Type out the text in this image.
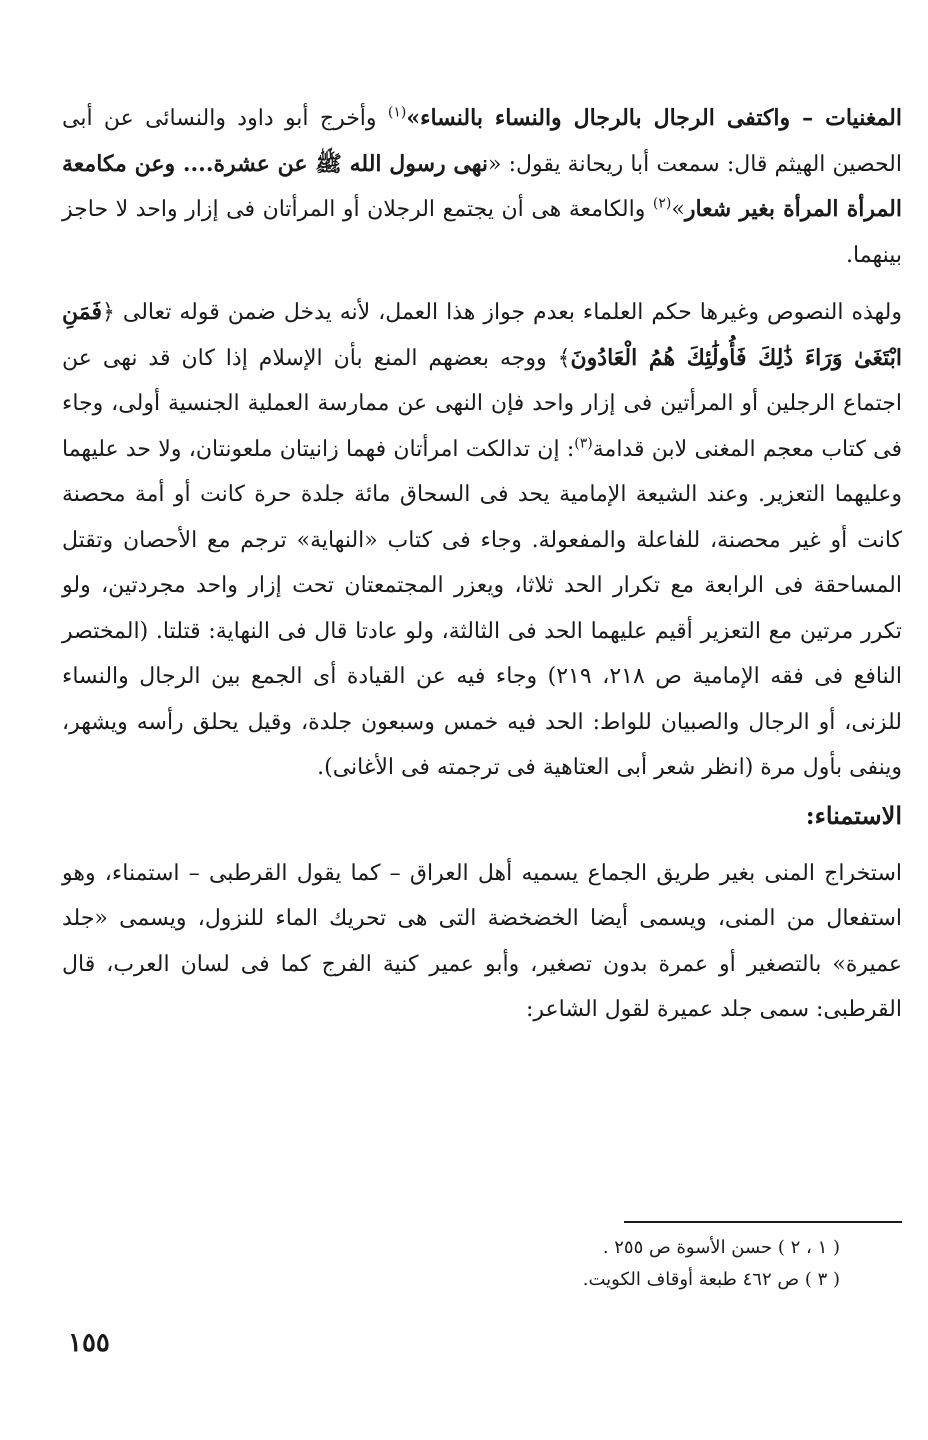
المغنيات – واكتفى الرجال بالرجال والنساء بالنساء»$^{(١)}$ وأخرج أبو داود والنسائى عن أبى الحصين الهيثم قال: سمعت أبا ريحانة يقول: «نهى رسول الله ﷺ عن عشرة.... وعن مكامعة المرأة المرأة بغير شعار»$^{(٢)}$ والكامعة هى أن يجتمع الرجلان أو المرأتان فى إزار واحد لا حاجز بينهما.

ولهذه النصوص وغيرها حكم العلماء بعدم جواز هذا العمل، لأنه يدخل ضمن قوله تعالى ﴿فَمَنِ ابْتَغَىٰ وَرَاءَ ذَٰلِكَ فَأُولَٰئِكَ هُمُ الْعَادُونَ﴾ ووجه بعضهم المنع بأن الإسلام إذا كان قد نهى عن اجتماع الرجلين أو المرأتين فى إزار واحد فإن النهى عن ممارسة العملية الجنسية أولى، وجاء فى كتاب معجم المغنى لابن قدامة$^{(٣)}$: إن تدالكت امرأتان فهما زانيتان ملعونتان، ولا حد عليهما وعليهما التعزير. وعند الشيعة الإمامية يحد فى السحاق مائة جلدة حرة كانت أو أمة محصنة كانت أو غير محصنة، للفاعلة والمفعولة. وجاء فى كتاب «النهاية» ترجم مع الأحصان وتقتل المساحقة فى الرابعة مع تكرار الحد ثلاثا، ويعزر المجتمعتان تحت إزار واحد مجردتين، ولو تكرر مرتين مع التعزير أقيم عليهما الحد فى الثالثة، ولو عادتا قال فى النهاية: قتلتا. (المختصر النافع فى فقه الإمامية ص ٢١٨، ٢١٩) وجاء فيه عن القيادة أى الجمع بين الرجال والنساء للزنى، أو الرجال والصبيان للواط: الحد فيه خمس وسبعون جلدة، وقيل يحلق رأسه ويشهر، وينفى بأول مرة (انظر شعر أبى العتاهية فى ترجمته فى الأغانى).

الاستمناء:

استخراج المنى بغير طريق الجماع يسميه أهل العراق – كما يقول القرطبى – استمناء، وهو استفعال من المنى، ويسمى أيضا الخضخضة التى هى تحريك الماء للنزول، ويسمى «جلد عميرة» بالتصغير أو عمرة بدون تصغير، وأبو عمير كنية الفرج كما فى لسان العرب، قال القرطبى: سمى جلد عميرة لقول الشاعر:

( ١ ، ٢ ) حسن الأسوة ص ٢٥٥ .

( ٣ ) ص ٤٦٢ طبعة أوقاف الكويت.

١٥٥
